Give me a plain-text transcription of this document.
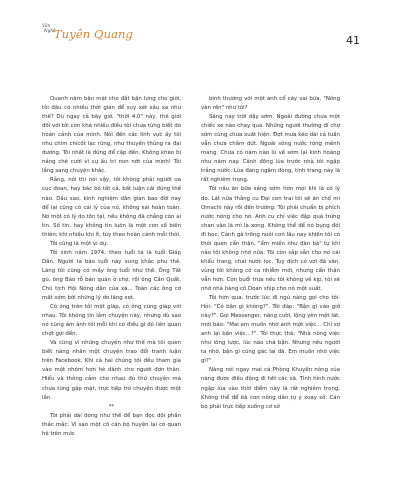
Văn
Nghệ
Tuyên Quang	41

Quanh năm bận mặt cho đất bận lưng cho giời, tôi đâu có nhiều thời gian để suy xét sâu xa như thế? Dù ngay cả bây giờ, "thời 4.0" này, thế giới đối với tôi còn khá nhiều điều tôi chưa từng biết do hoàn cảnh của mình. Nói đến các lĩnh vực ấy tôi như chìm chicốt lạc rừng, như thuyền thúng ra đại dương. Tôi nhất là đứng để cập đến. Không khéo bị nắng chê cười vì sự ấu trĩ non nớt của mình! Tôi lắng sang chuyện khác.

Rằng, nói thì nói vậy, tôi không phải người ưa cục đoan, hay bác bỏ tất cả, bất luận cái đúng thế nào. Dầu sao, kinh nghiệm dân gian bao đời nay để lại cũng có cái lý của nó, không sai hoàn toàn. Nó một có lý do tồn tại, nếu không đã chẳng còn ai tin. Số tin, hay không tin luôn là một con số biến thiên; khi nhiều khi ít, tùy theo hoàn cảnh mỗi thời.

Tôi cũng là một ví dụ:

Tôi sinh năm 1974, theo tuổi ta là tuổi Giáp Dần. Người ta bảo tuổi này xung khắc phu thê. Làng tôi cũng có mấy ông tuổi như thế. Ông Tất gù, ông Bảo rỗ bán quán ở chợ, rồi ông Cần Quất, Chú tịch Hội Nông dân của xã... Toàn các ông cơ mất sớm bởi những lý do lãng xẹt.

Có ông trên tôi một giáp, có ông cùng giáp với nhau. Tôi không tin lắm chuyện này, nhưng dù sao nó cũng ám ảnh tôi mỗi khi có điều gì đó liên quan chợt gợi đến.

Và cũng vì những chuyện như thế mà tôi quen biết nàng nhân một chuyện trao đổi tranh luận trên Facebook. Khi cả hai chúng tôi đều tham gia vào một nhóm hơn hè dành cho người đơn thân. Hiểu và thông cảm cho nhau đủ thứ chuyện mà chưa từng gặp mặt, trực tiếp trò chuyện được một lần.

**

Tôi phải dài dòng như thế để bạn đọc dõi phần thắc mắc: Vì sao một cô cán bộ huyện lại có quan hệ trên mức

bình thường với một anh cổ cày vai bừa, "Nông văn rền" như tôi?

Sáng nay trời dậy sớm. Ngoài đường chưa một chiếc xe nào chạy qua. Những người thường đi chợ sớm cũng chưa xuất hiện. Đợt mưa kéo dài cả tuần vẫn chưa chấm dứt. Ngoài sông nước rộng mênh mang. Chưa có năm nào lũ về sớm lại kinh hoàng như năm nay. Cánh đồng lúa trước nhà tôi ngập trắng nước. Lúa đang ngậm đòng, tính trang này là rất nghiêm trọng.

Tôi nấu ăn bữa sáng sớm hơn mọi khi là có lý do. Lát nữa thằng cu Đại con trai tôi sẽ ăn chố mi Omachi này rồi đến trường. Tôi phải chuẩn bị phích nước nóng cho nó. Anh cu chỉ việc đập quả trứng chan vào là mì là xong. Không thể để nó bụng đói đi học. Cảnh gà trống nuôi con lâu nay khiến tôi có thói quen cẩn thận, "ẩm miền như đàn bà" tự khi nào tôi không nhớ nữa. Tôi còn sắp sẵn cho nó cái khẩu trang, chai nước lọc. Tuy dịch có vơi đã vãn, vùng tôi không có ca nhiễm mới, nhưng cẩn thận vẫn hơn. Còn buổi trưa nếu tôi không về kịp, tôi sẽ nhờ nhà hàng cô Doan ship cho nó một suất.

Tôi hơn qua, trước lúc đi ngủ nàng gọi cho tôi. Hỏi: "Có bận gì không?". Tôi đáp: "Bận gì vào giờ này?". Gọi Messenger, nàng cười, lộng yên một lát, mới bảo: "Mai em muốn nhờ anh một việc... Chỉ sợ anh lại bận việc...?". Tôi thực thà: "Nhà nông việc như lông lược, lúc nào chả bận. Nhưng nếu người ta nhờ, bận gì cũng gác lại đã. Em muốn nhờ việc gì?".

Nàng nói ngay mai cả Phòng Khuyến nông của nàng được điều động đi hết các xã. Tình hình nước ngập lúa vào thời điểm này là rất nghiêm trọng. Không thể để bà con nông dân tự ý xoay sở. Cán bộ phải trực tiếp xuống cơ sở
